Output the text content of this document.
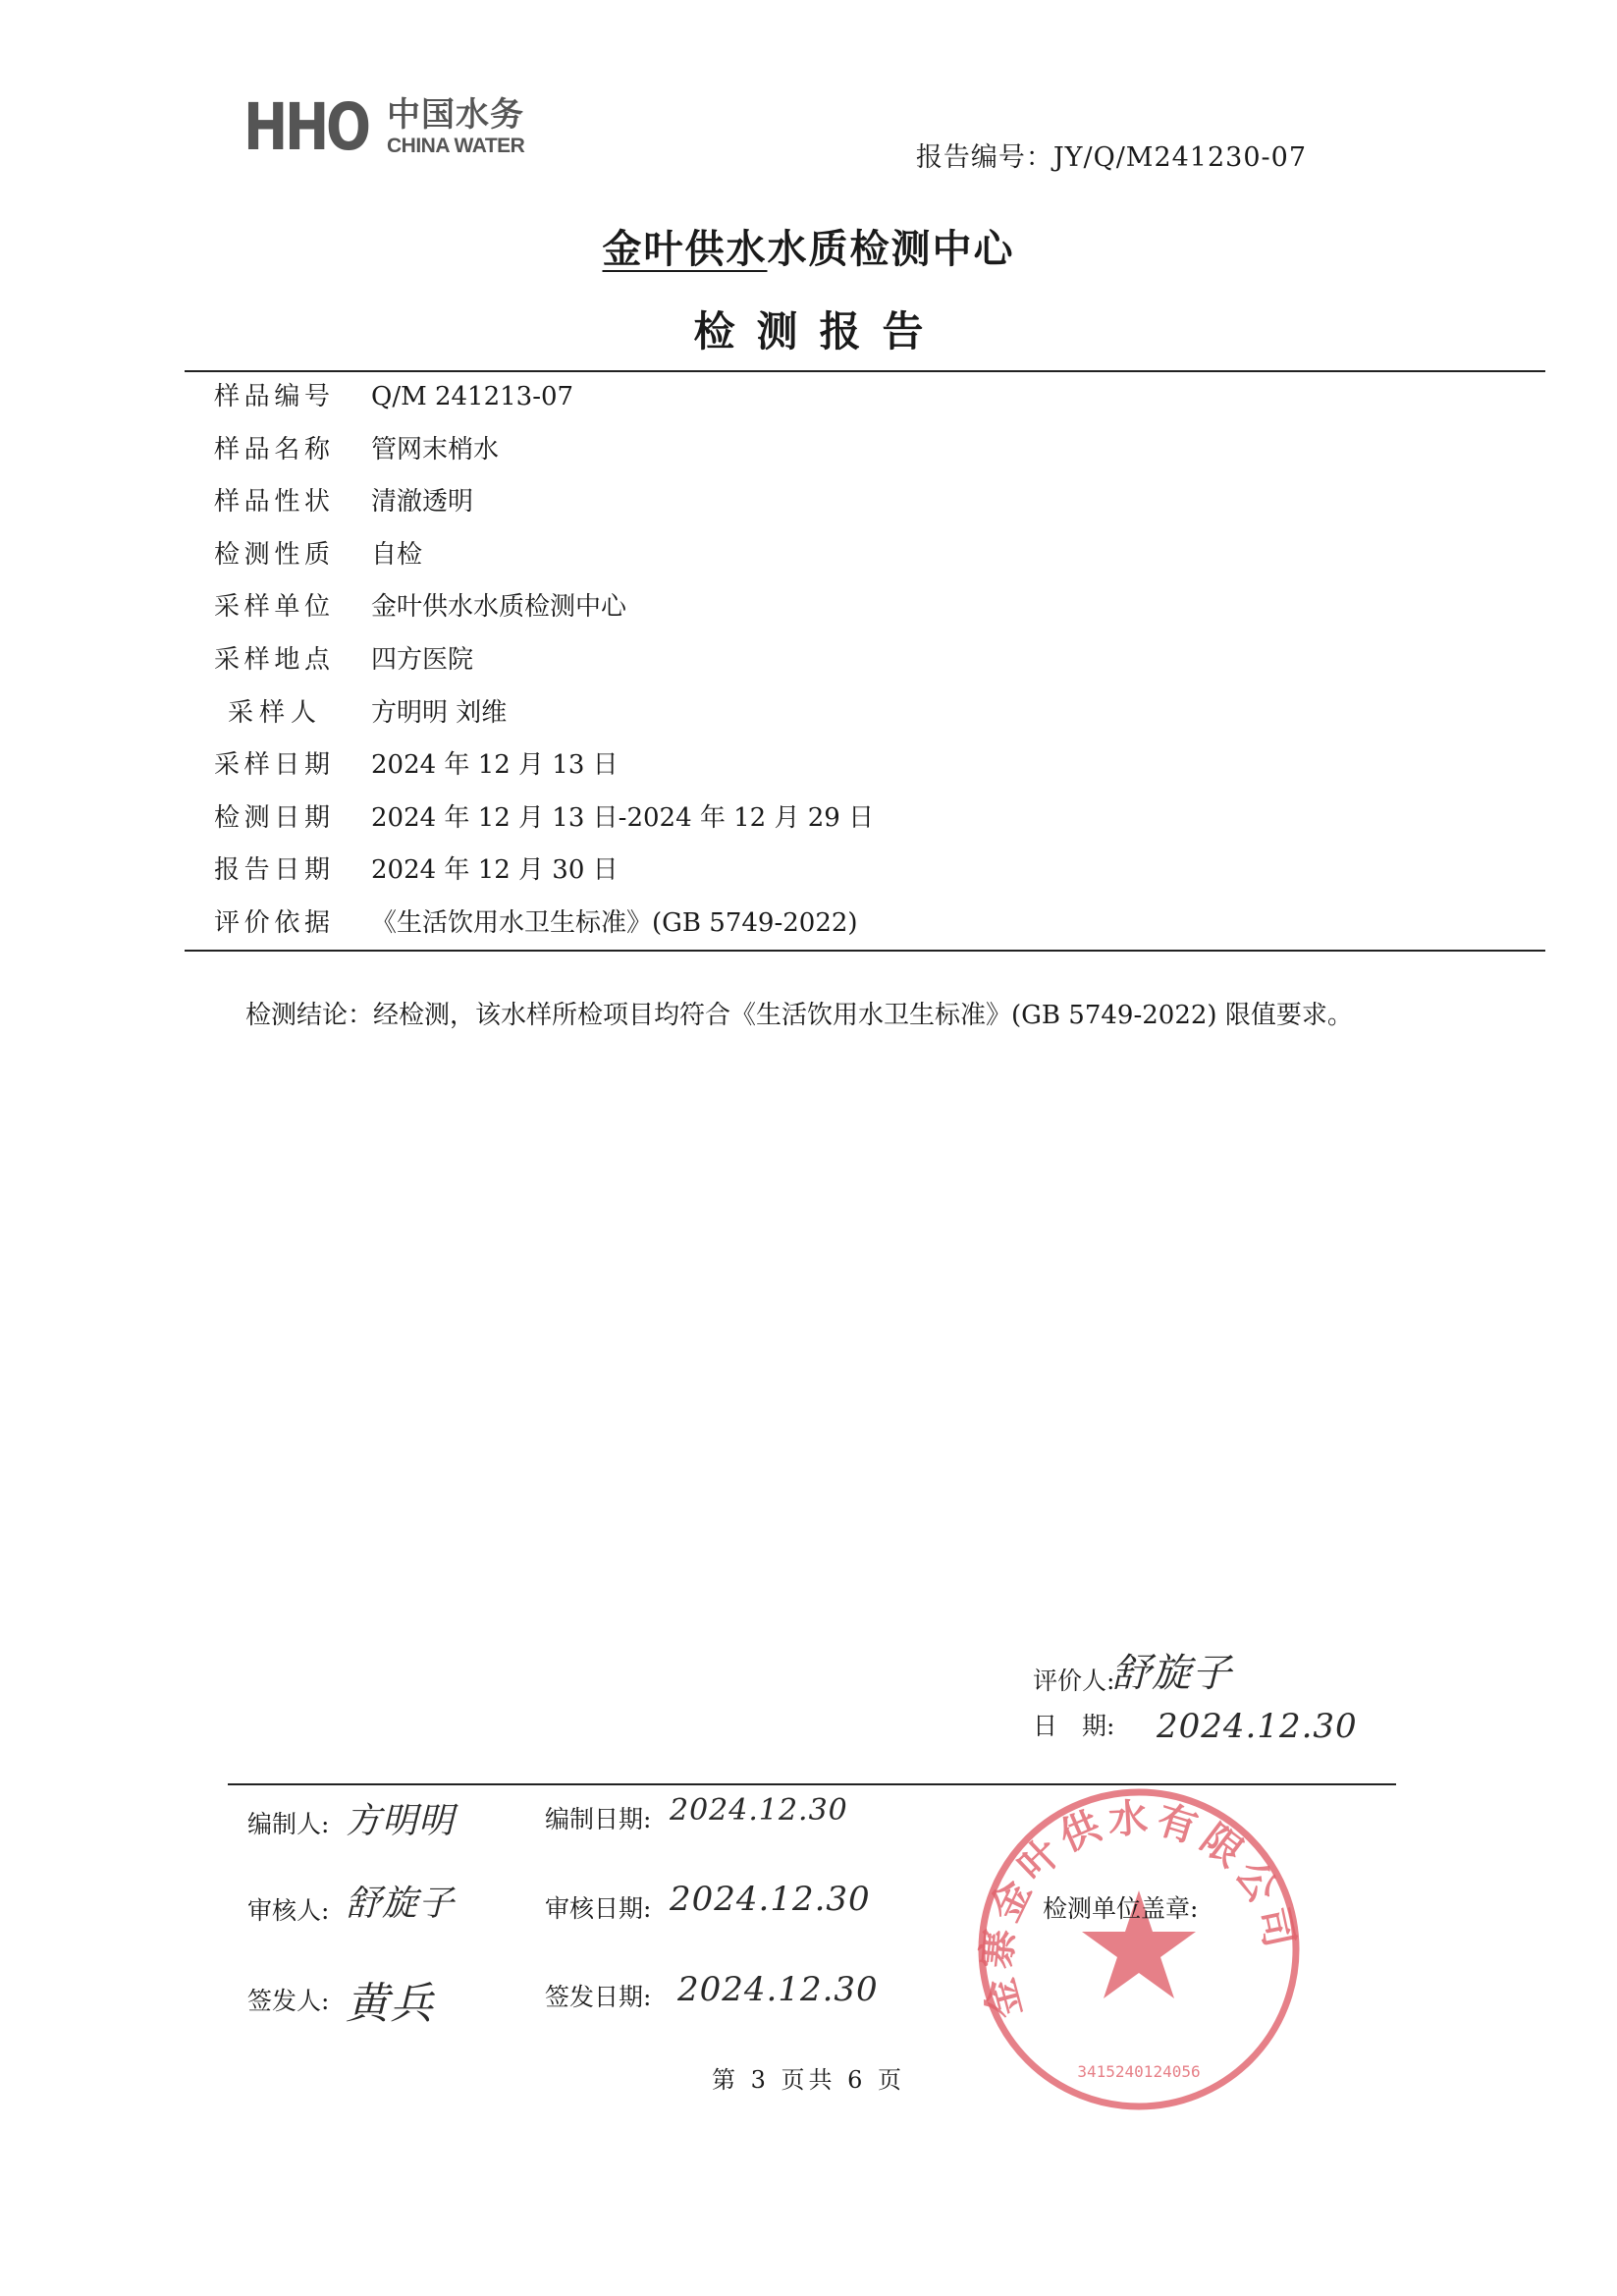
HHO 中国水务
CHINA WATER	报告编号：JY/Q/M241230-07
金叶供水水质检测中心
检测报告
样品编号 Q/M 241213-07
样品名称 管网末梢水
样品性状 清澈透明
检测性质 自检
采样单位 金叶供水水质检测中心
采样地点 四方医院
采样人 方明明 刘维
采样日期 2024 年 12 月 13 日
检测日期 2024 年 12 月 13 日-2024 年 12 月 29 日
报告日期 2024 年 12 月 30 日
评价依据 《生活饮用水卫生标准》(GB 5749-2022)
检测结论：经检测，该水样所检项目均符合《生活饮用水卫生标准》(GB 5749-2022) 限值要求。
评价人:
舒旋子
日　期: 2024.12.30
金寨金叶供水有限公司
3415240124056
编制人: 方明明	编制日期: 2024.12.30
审核人: 舒旋子	审核日期: 2024.12.30	检测单位盖章:
签发人: 黄兵	签发日期: 2024.12.30
第 3 页共 6 页
